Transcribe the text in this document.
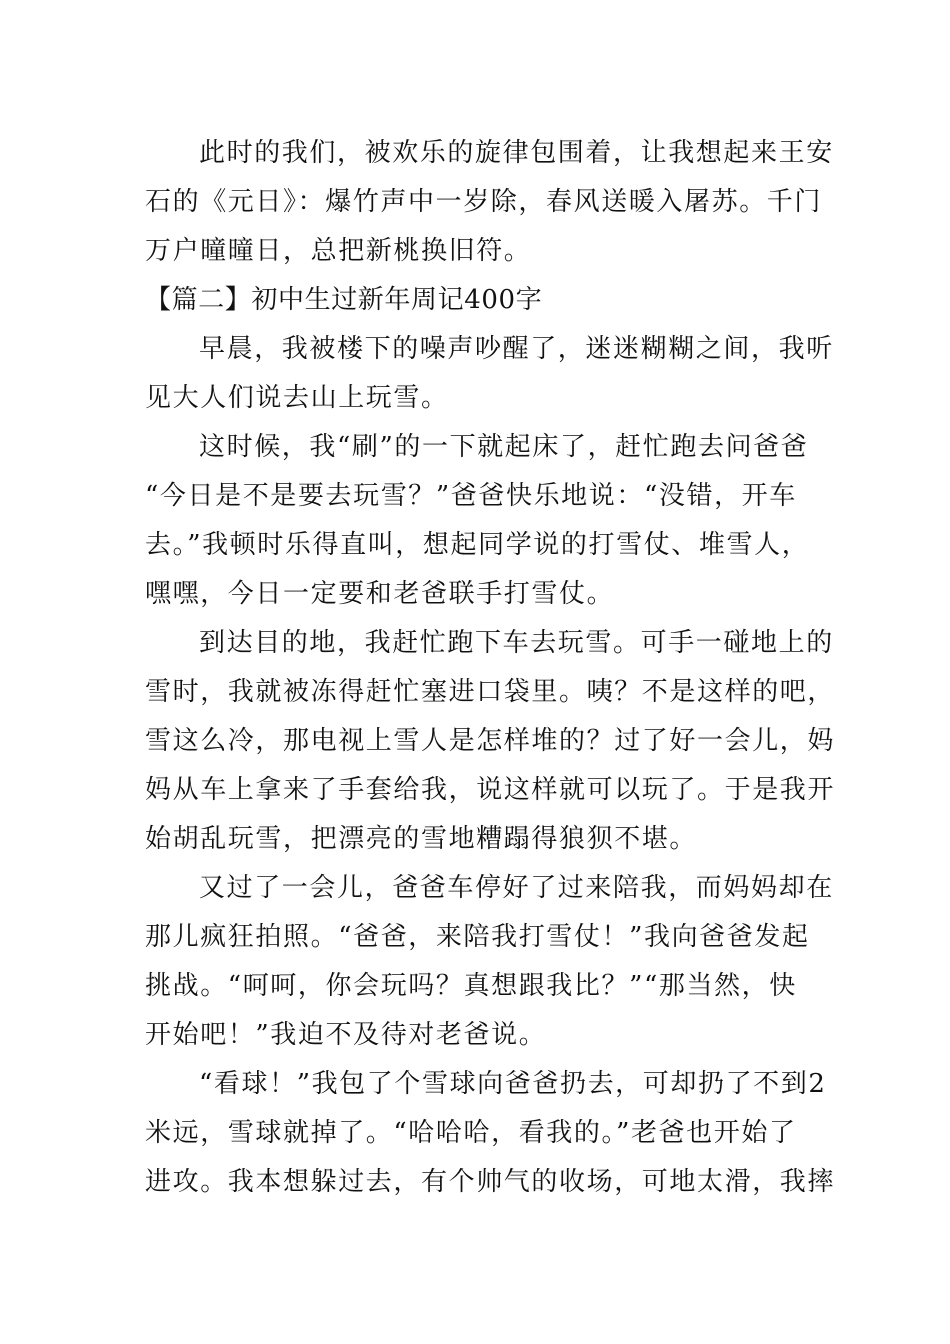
此时的我们，被欢乐的旋律包围着，让我想起来王安
石的《元日》：爆竹声中一岁除，春风送暖入屠苏。千门
万户曈曈日，总把新桃换旧符。
【篇二】初中生过新年周记400字
早晨，我被楼下的噪声吵醒了，迷迷糊糊之间，我听
见大人们说去山上玩雪。
这时候，我“刷”的一下就起床了，赶忙跑去问爸爸
“今日是不是要去玩雪？”爸爸快乐地说：“没错，开车
去。”我顿时乐得直叫，想起同学说的打雪仗、堆雪人，
嘿嘿，今日一定要和老爸联手打雪仗。
到达目的地，我赶忙跑下车去玩雪。可手一碰地上的
雪时，我就被冻得赶忙塞进口袋里。咦？不是这样的吧，
雪这么冷，那电视上雪人是怎样堆的？过了好一会儿，妈
妈从车上拿来了手套给我，说这样就可以玩了。于是我开
始胡乱玩雪，把漂亮的雪地糟蹋得狼狈不堪。
又过了一会儿，爸爸车停好了过来陪我，而妈妈却在
那儿疯狂拍照。“爸爸，来陪我打雪仗！”我向爸爸发起
挑战。“呵呵，你会玩吗？真想跟我比？”“那当然，快
开始吧！”我迫不及待对老爸说。
“看球！”我包了个雪球向爸爸扔去，可却扔了不到2
米远，雪球就掉了。“哈哈哈，看我的。”老爸也开始了
进攻。我本想躲过去，有个帅气的收场，可地太滑，我摔
